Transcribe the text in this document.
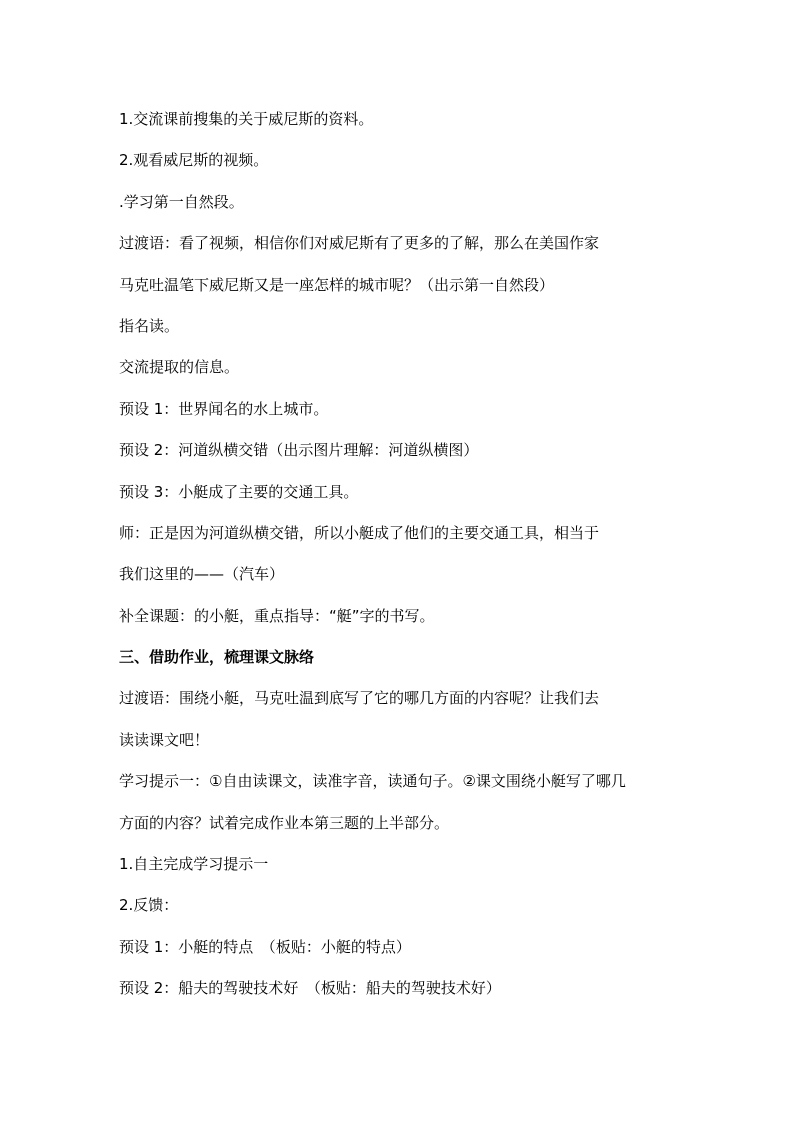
1.交流课前搜集的关于威尼斯的资料。
2.观看威尼斯的视频。
.学习第一自然段。
过渡语：看了视频，相信你们对威尼斯有了更多的了解，那么在美国作家
马克吐温笔下威尼斯又是一座怎样的城市呢？（出示第一自然段）
指名读。
交流提取的信息。
预设 1：世界闻名的水上城市。
预设 2：河道纵横交错（出示图片理解：河道纵横图）
预设 3：小艇成了主要的交通工具。
师：正是因为河道纵横交错，所以小艇成了他们的主要交通工具，相当于
我们这里的——（汽车）
补全课题：的小艇，重点指导：“艇”字的书写。
三、借助作业，梳理课文脉络
过渡语：围绕小艇，马克吐温到底写了它的哪几方面的内容呢？让我们去
读读课文吧！
学习提示一：①自由读课文，读准字音，读通句子。②课文围绕小艇写了哪几
方面的内容？试着完成作业本第三题的上半部分。
1.自主完成学习提示一
2.反馈：
预设 1：小艇的特点　（板贴：小艇的特点）
预设 2：船夫的驾驶技术好　（板贴：船夫的驾驶技术好）
